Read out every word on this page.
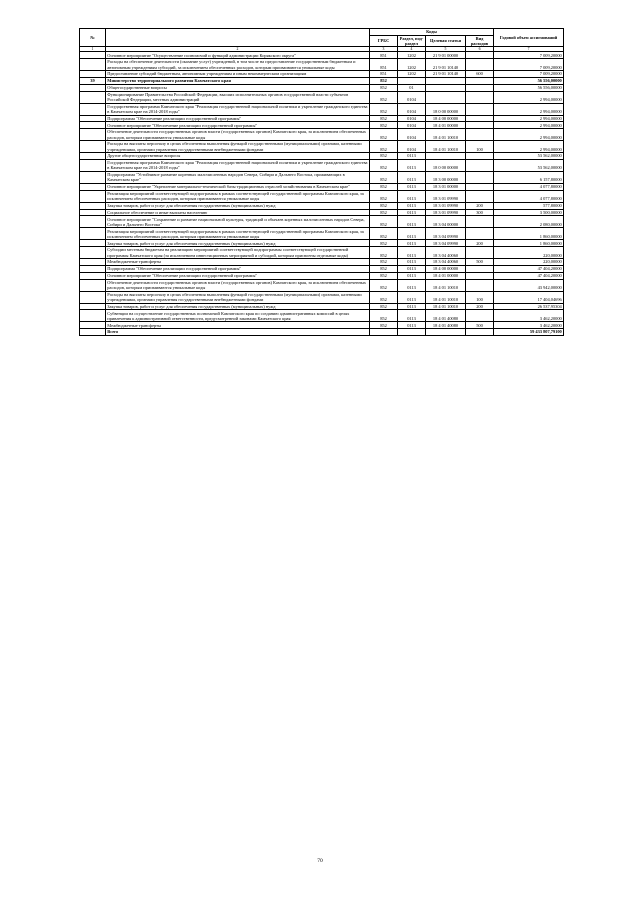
№		Коды				Годовой объем ассигнований
		ГРБС	Раздел, под-раздел	Целевая статья	Вид расходов	
1	2	3	4	5	6	7
	Основное мероприятие "Осуществление полномочий и функций администрации Корякского округа"	851	1202	21 9 01 00000		7 009,20000
	Расходы на обеспечение деятельности (оказание услуг) учреждений, в том числе на предоставление государственным бюджетным и автономным учреждениям субсидий, за исключением обеспеченных расходов, которым присваиваются уникальные коды	851	1202	21 9 01 10140		7 009,20000
	Предоставление субсидий бюджетным, автономным учреждениям и иным некоммерческим организациям	851	1202	21 9 01 10140	600	7 009,20000
39	Министерство территориального развития Камчатского края	852				56 556,00000
	Общегосударственные вопросы	852	01			56 556,00000
	Функционирование Правительства Российской Федерации, высших исполнительных органов государственной власти субъектов Российской Федерации, местных администраций	852	0104			2 994,00000
	Государственная программа Камчатского края "Реализация государственной национальной политики и укрепление гражданского единства в Камчатском крае на 2014-2018 годы"	852	0104	18 0 00 00000		2 994,00000
	Подпрограмма "Обеспечение реализации государственной программы"	852	0104	18 4 00 00000		2 994,00000
	Основное мероприятие "Обеспечение реализации государственной программы"	852	0104	18 4 01 00000		2 994,00000
	Обеспечение деятельности государственных органов власти (государственных органов) Камчатского края, за исключением обеспеченных расходов, которым присваиваются уникальные коды	852	0104	18 4 01 10010		2 994,00000
	Расходы на выплаты персоналу в целях обеспечения выполнения функций государственными (муниципальными) органами, казенными учреждениями, органами управления государственными внебюджетными фондами	852	0104	18 4 01 10010	100	2 994,00000
	Другие общегосударственные вопросы	852	0113			53 562,00000
	Государственная программа Камчатского края "Реализация государственной национальной политики и укрепление гражданского единства в Камчатском крае на 2014-2018 годы"	852	0113	18 0 00 00000		53 562,00000
	Подпрограмма "Устойчивое развитие коренных малочисленных народов Севера, Сибири и Дальнего Востока, проживающих в Камчатском крае"	852	0113	18 3 00 00000		6 157,80000
	Основное мероприятие "Укрепление материально-технической базы традиционных отраслей хозяйствования в Камчатском крае"	852	0113	18 3 01 00000		4 077,80000
	Реализация мероприятий соответствующей подпрограммы в рамках соответствующей государственной программы Камчатского края, за исключением обеспеченных расходов, которым присваиваются уникальные коды	852	0113	18 3 01 09990		4 077,80000
	Закупка товаров, работ и услуг для обеспечения государственных (муниципальных) нужд	852	0113	18 3 01 09990	200	577,80000
	Социальное обеспечение и иные выплаты населению	852	0113	18 3 01 09990	300	3 500,00000
	Основное мероприятие "Сохранение и развитие национальной культуры, традиций и обычаев коренных малочисленных народов Севера, Сибири и Дальнего Востока"	852	0113	18 3 04 00000		2 080,00000
	Реализация мероприятий соответствующей подпрограммы в рамках соответствующей государственной программы Камчатского края, за исключением обеспеченных расходов, которым присваиваются уникальные коды	852	0113	18 3 04 09990		1 860,00000
	Закупка товаров, работ и услуг для обеспечения государственных (муниципальных) нужд	852	0113	18 3 04 09990	200	1 860,00000
	Субсидии местным бюджетам на реализацию мероприятий соответствующей подпрограммы соответствующей государственной программы Камчатского края (за исключением инвестиционных мероприятий и субсидий, которым присвоены отдельные коды)	852	0113	18 3 04 40060		220,00000
	Межбюджетные трансферты	852	0113	18 3 04 40060	500	220,00000
	Подпрограмма "Обеспечение реализации государственной программы"	852	0113	18 4 00 00000		47 404,20000
	Основное мероприятие "Обеспечение реализации государственной программы"	852	0113	18 4 01 00000		47 404,20000
	Обеспечение деятельности государственных органов власти (государственных органов) Камчатского края, за исключением обеспеченных расходов, которым присваиваются уникальные коды	852	0113	18 4 01 10010		43 942,00000
	Расходы на выплаты персоналу в целях обеспечения выполнения функций государственными (муниципальными) органами, казенными учреждениями, органами управления государственными внебюджетными фондами	852	0113	18 4 01 10010	100	17 404,04696
	Закупка товаров, работ и услуг для обеспечения государственных (муниципальных) нужд	852	0113	18 4 01 10010	200	26 537,95304
	Субвенции на осуществление государственных полномочий Камчатского края по созданию административных комиссий в целях привлечения к административной ответственности, предусмотренной законами Камчатского края	852	0113	18 4 01 40080		3 462,20000
	Межбюджетные трансферты	852	0113	18 4 01 40080	500	3 462,20000
	Всего					59 433 807,79100
70
